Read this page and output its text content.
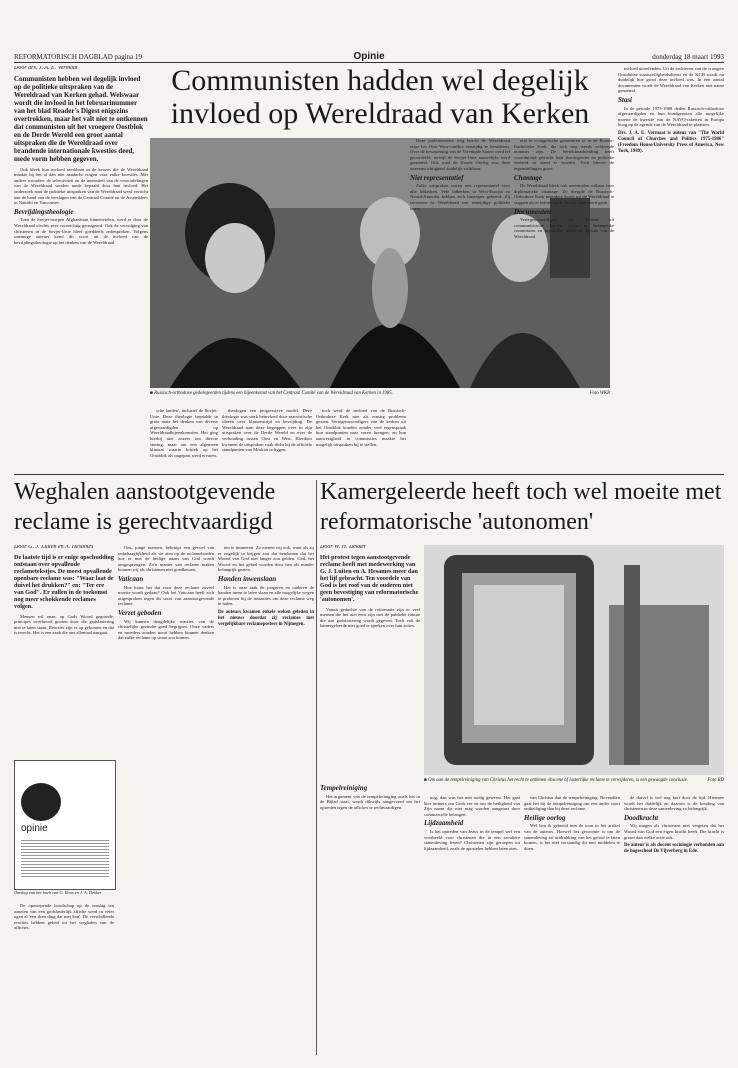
REFORMATORISCH DAGBLAD pagina 19	Opinie	donderdag 18 maart 1993
Door drs. J. A. E. Vermaat
Communisten hebben wel degelijk invloed op de politieke uitspraken van de Wereldraad van Kerken gehad. Welswaar wordt die invloed in het februarinummer van het blad Reader's Digest enigszins overtrokken, maar het valt niet te ontkennen dat communisten uit het vroegere Oostblok en de Derde Wereld een groot aantal uitspraken die de Wereldraad over brandende internationale kwesties deed, mede vorm hebben gegeven.

Ook bleek hun invloed merkbaar in de keuzes die de Wereldraad maakte bij het al dan niet aandacht vragen voor zulke kwesties. Met andere woorden: de selectiviteit en de intensiteit van de veroordelingen van de Wereldraad werden mede bepaald door hun invloed. Het onderzoek naar de politieke uitspraken van de Wereldraad werd verricht aan de hand van de verslagen van de Centraal Comité en de Assemblees in Nairobi en Vancouver.

Bevrijdingstheologie

Toen de Sovjet-troepen Afghanistan binnenvielen, werd er door de Wereldraad slechts zeer voorzichtig gereageerd. Ook de vervolging van christenen in de Sovjet-Unie bleef goeddeels onbesproken. Volgens sommige auteurs komt dit voort uit de invloed van de bevrijdingstheologie op het denken van de Wereldraad.

Communisten hadden wel degelijk invloed op Wereldraad van Kerken
■ Russisch-orthodoxe gedelegeerden tijdens een bijeenkomst van het Centraal Comité van de Wereldraad van Kerken in 1985.	Foto WKR

sche landen', inclusief de Sovjet-Unie. Deze theologie bepaalde in grote mate het denken van diverse afgevaardigden op Wereldraadbijeenkomsten. Het ging hierbij niet zozeer om directe sturing, maar om een algemeen klimaat waarin kritiek op het Oostblok als ongepast werd ervaren.

theologen een progressieve model. Deze theologie was sterk beïnvloed door marxistische ideeën over klassenstrijd en bevrijding. De Wereldraad nam deze begrippen over in zijn uitspraken over de Derde Wereld en over de verhouding tussen Oost en West. Hierdoor kwamen de uitspraken vaak dicht bij de officiële standpunten van Moskou te liggen.

toch werd de invloed van de Russisch-Orthodoxe Kerk niet als ernstig probleem gezien. Vertegenwoordigers van de kerken uit het Oostblok konden zonder veel tegenspraak hun standpunten naar voren brengen, en hun aanwezigheid in commissies maakte het mogelijk uitspraken bij te stellen.

Deze parlementaire weg bracht de Wereldraad ertoe het Oost-West-conflict eenzijdig te benaderen. Over de bewapening van de Verenigde Staten werd fel geoordeeld, terwijl de Sovjet-Unie nauwelijks werd genoemd. Ook rond de Koude Oorlog was deze onevenwichtigheid duidelijk zichtbaar.

Niet representatief

Zulke uitspraken waren niet representatief voor alle lidkerken. Vele lidkerken in West-Europa en Noord-Amerika hebben zich hiertegen gekeerd. Zij verweten de Wereldraad een eenzijdige politieke koers.

niet in evangelische gemeenten of in de Rooms-Katholieke Kerk, die toch nog steeds voldoende nummer zijn. De Wereldraadsleiding heeft voortdurend getracht haar theologische en politieke eenheid in stand te houden. Toch bleven de tegenstellingen groot.

Chantage

De Wereldraad bleek ook meermalen vatbaar voor diplomatieke chantage. Zo dreigde de Russisch-Orthodoxe Kerk meerdere keren uit de Wereldraad te stappen als er kritiek op de Sovjet-Unie werd geuit.

Documenten

Vertegenwoordigers van kerken uit communistische landen zaten in belangrijke commissies en bepaalden mede de agenda van de Wereldraad.

invloed uitoefenden. Uit de archieven van de vroegere Oostduitse staatsveiligheidsdienst en de KGB wordt nu duidelijk hoe groot deze invloed was. In een aantal documenten wordt de Wereldraad van Kerken met name genoemd.

Stasi

In de periode 1975-1988 deden Russisch-orthodoxe afgevaardigden en hun bondgenoten alle mogelijke moeite de kwestie van de NAVO-raketten in Europa hoog op de agenda van de Wereldraad te plaatsen.

Drs. J. A. E. Vermaat is auteur van "The World Council of Churches and Politics 1975-1986" (Freedom House/University Press of America, New York, 1989).
Weghalen aanstootgevende reclame is gerechtvaardigd
Door G. J. Luiten en A. Hesames
De laatste tijd is er enige opschudding ontstaan over opvallende reclametekstjes. De meest opvallende openbare reclame was: "Waar laat de duivel het drukken?" en: "Ter ere van God". Er zullen in de toekomst nog meer schokkende reclames volgen.

Mensen wil onze, op Gods Woord gegronde, principes overboord gooien door die godslastering niet te laten staan. Reacties zijn er op gekomen en dat is terecht. Het is een zaak die ons allemaal aangaat.

opinie
Omslag van het boek van G. Roos en J. A. Dekker

De opzwepende boodschap op de omslag ten aanzien van een godslasterlijk affiche werd in veler ogen al 'een dom ding dat niet kon'. De verschillende reacties hebben geleid tot het weghalen van de affiches.

Ons, jonge mensen, bekruipt een gevoel van onbehaaglijkheid als we zien op de reclameborden hoe er met de heilige naam van God wordt omgesprongen. Zo'n manier van reclame maken kunnen wij als christenen niet goedkeuren.

Vaticaan

Hoe komt het dat voor deze reclame zoveel moeite wordt gedaan? Ook het Vaticaan heeft zich uitgesproken tegen dit soort van aanstootgevende reclame.

Verzet geboden

Wij kunnen deugdelijke reacties van de christelijke gezindte goed begrijpen. Onze vaders en moeders zouden nooit hebben kunnen denken dat zulke reclame op straat zou komen.

ten te timmeren. Zo menen wij ook, want als zij er ongelijk in krijgen zou dat betekenen dat het Woord van God niet langer zou gelden. God, het Woord en het gebed worden door hen als minder belangrijk gezien.

Handen inwenslaan

Het is onze taak de jongeren en ouderen de handen ineen te laten slaan en alle mogelijke wegen te proberen bij de instanties om deze reclame weg te halen.

De auteurs kwamen enkele weken geleden in het nieuws doordat zij reclames met vergelijkbare reclameposters in Nijmegen.
Kamergeleerde heeft toch wel moeite met reformatorische 'autonomen'
Door W. H. Dekker
Het protest tegen aanstootgevende reclame heeft met medewerking van G. J. Luiten en A. Hesames meer dan het lijf gebracht. Ten voordele van God is het roof van de ouderen niet geen bevestiging van reformatorische 'autonomen'.

Vanuit gedachte van de reformatie zijn er veel mensen die het niet eens zijn met de publieke ruimte die aan godslastering wordt gegeven. Toch valt de kamergeleerde niet goed te spreken over hun acties.

■ Om aan de tempelreiniging van Christus het recht te ontlenen obscene of lasterlijke reclame te verwijderen, is een gewaagde conclusie.	Foto RD
Tempelreiniging

Het argument van de tempelreiniging zoals het in de Bijbel staat, wordt dikwijls aangevoerd om het optreden tegen de affiches te rechtvaardigen.

nog, dan was het niet nodig geweest. Het gaat hier immers om Gods eer en om de heiligheid van Zijn naam die niet mag worden aangetast door commerciële belangen.

Lijdzaamheid

Is het optreden van Jezus in de tempel wel een voorbeeld voor christenen die in een seculiere samenleving leven? Christenen zijn geroepen tot lijdzaamheid, zoals de apostelen hebben laten zien.

van Christus dan de tempelreiniging. Bovendien gaat het bij de tempelreiniging om een ander soort ontheiliging dan bij deze reclame.

Heilige oorlog

Wel ben ik geboeid met de toon in het artikel van de auteurs. Hoewel het gewoonte is om de samenleving tot uitdrukking van het geloof te laten komen, is het niet verstandig dit met middelen te doen.

de duivel is wel nog kort door de tijd. Hiermee wordt het duidelijk en daarom is de houding van christenen in deze samenleving zo belangrijk.

Doodkracht

Wij mogen als christenen niet vergeten dat het Woord van God een eigen kracht heeft. Die kracht is groter dan welke actie ook.

De auteur is als docent sociologie verbonden aan de hogeschool De Vijverberg in Ede.
